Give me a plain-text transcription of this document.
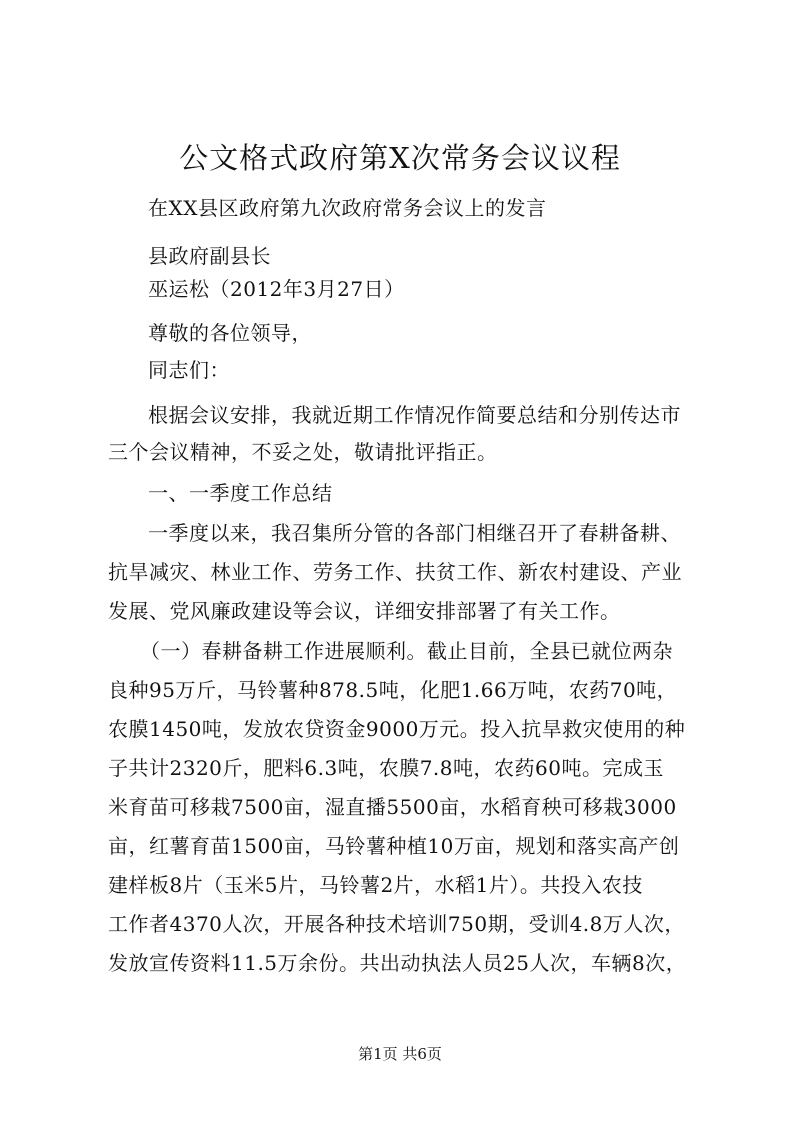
公文格式政府第X次常务会议议程
在XX县区政府第九次政府常务会议上的发言
县政府副县长
巫运松（2012年3月27日）
尊敬的各位领导，
同志们：
根据会议安排，我就近期工作情况作简要总结和分别传达市
三个会议精神，不妥之处，敬请批评指正。
一、一季度工作总结
一季度以来，我召集所分管的各部门相继召开了春耕备耕、
抗旱减灾、林业工作、劳务工作、扶贫工作、新农村建设、产业
发展、党风廉政建设等会议，详细安排部署了有关工作。
（一）春耕备耕工作进展顺利。截止目前，全县已就位两杂
良种95万斤，马铃薯种878.5吨，化肥1.66万吨，农药70吨，
农膜1450吨，发放农贷资金9000万元。投入抗旱救灾使用的种
子共计2320斤，肥料6.3吨，农膜7.8吨，农药60吨。完成玉
米育苗可移栽7500亩，湿直播5500亩，水稻育秧可移栽3000
亩，红薯育苗1500亩，马铃薯种植10万亩，规划和落实高产创
建样板8片（玉米5片，马铃薯2片，水稻1片）。共投入农技
工作者4370人次，开展各种技术培训750期，受训4.8万人次，
发放宣传资料11.5万余份。共出动执法人员25人次，车辆8次，
第1页 共6页
